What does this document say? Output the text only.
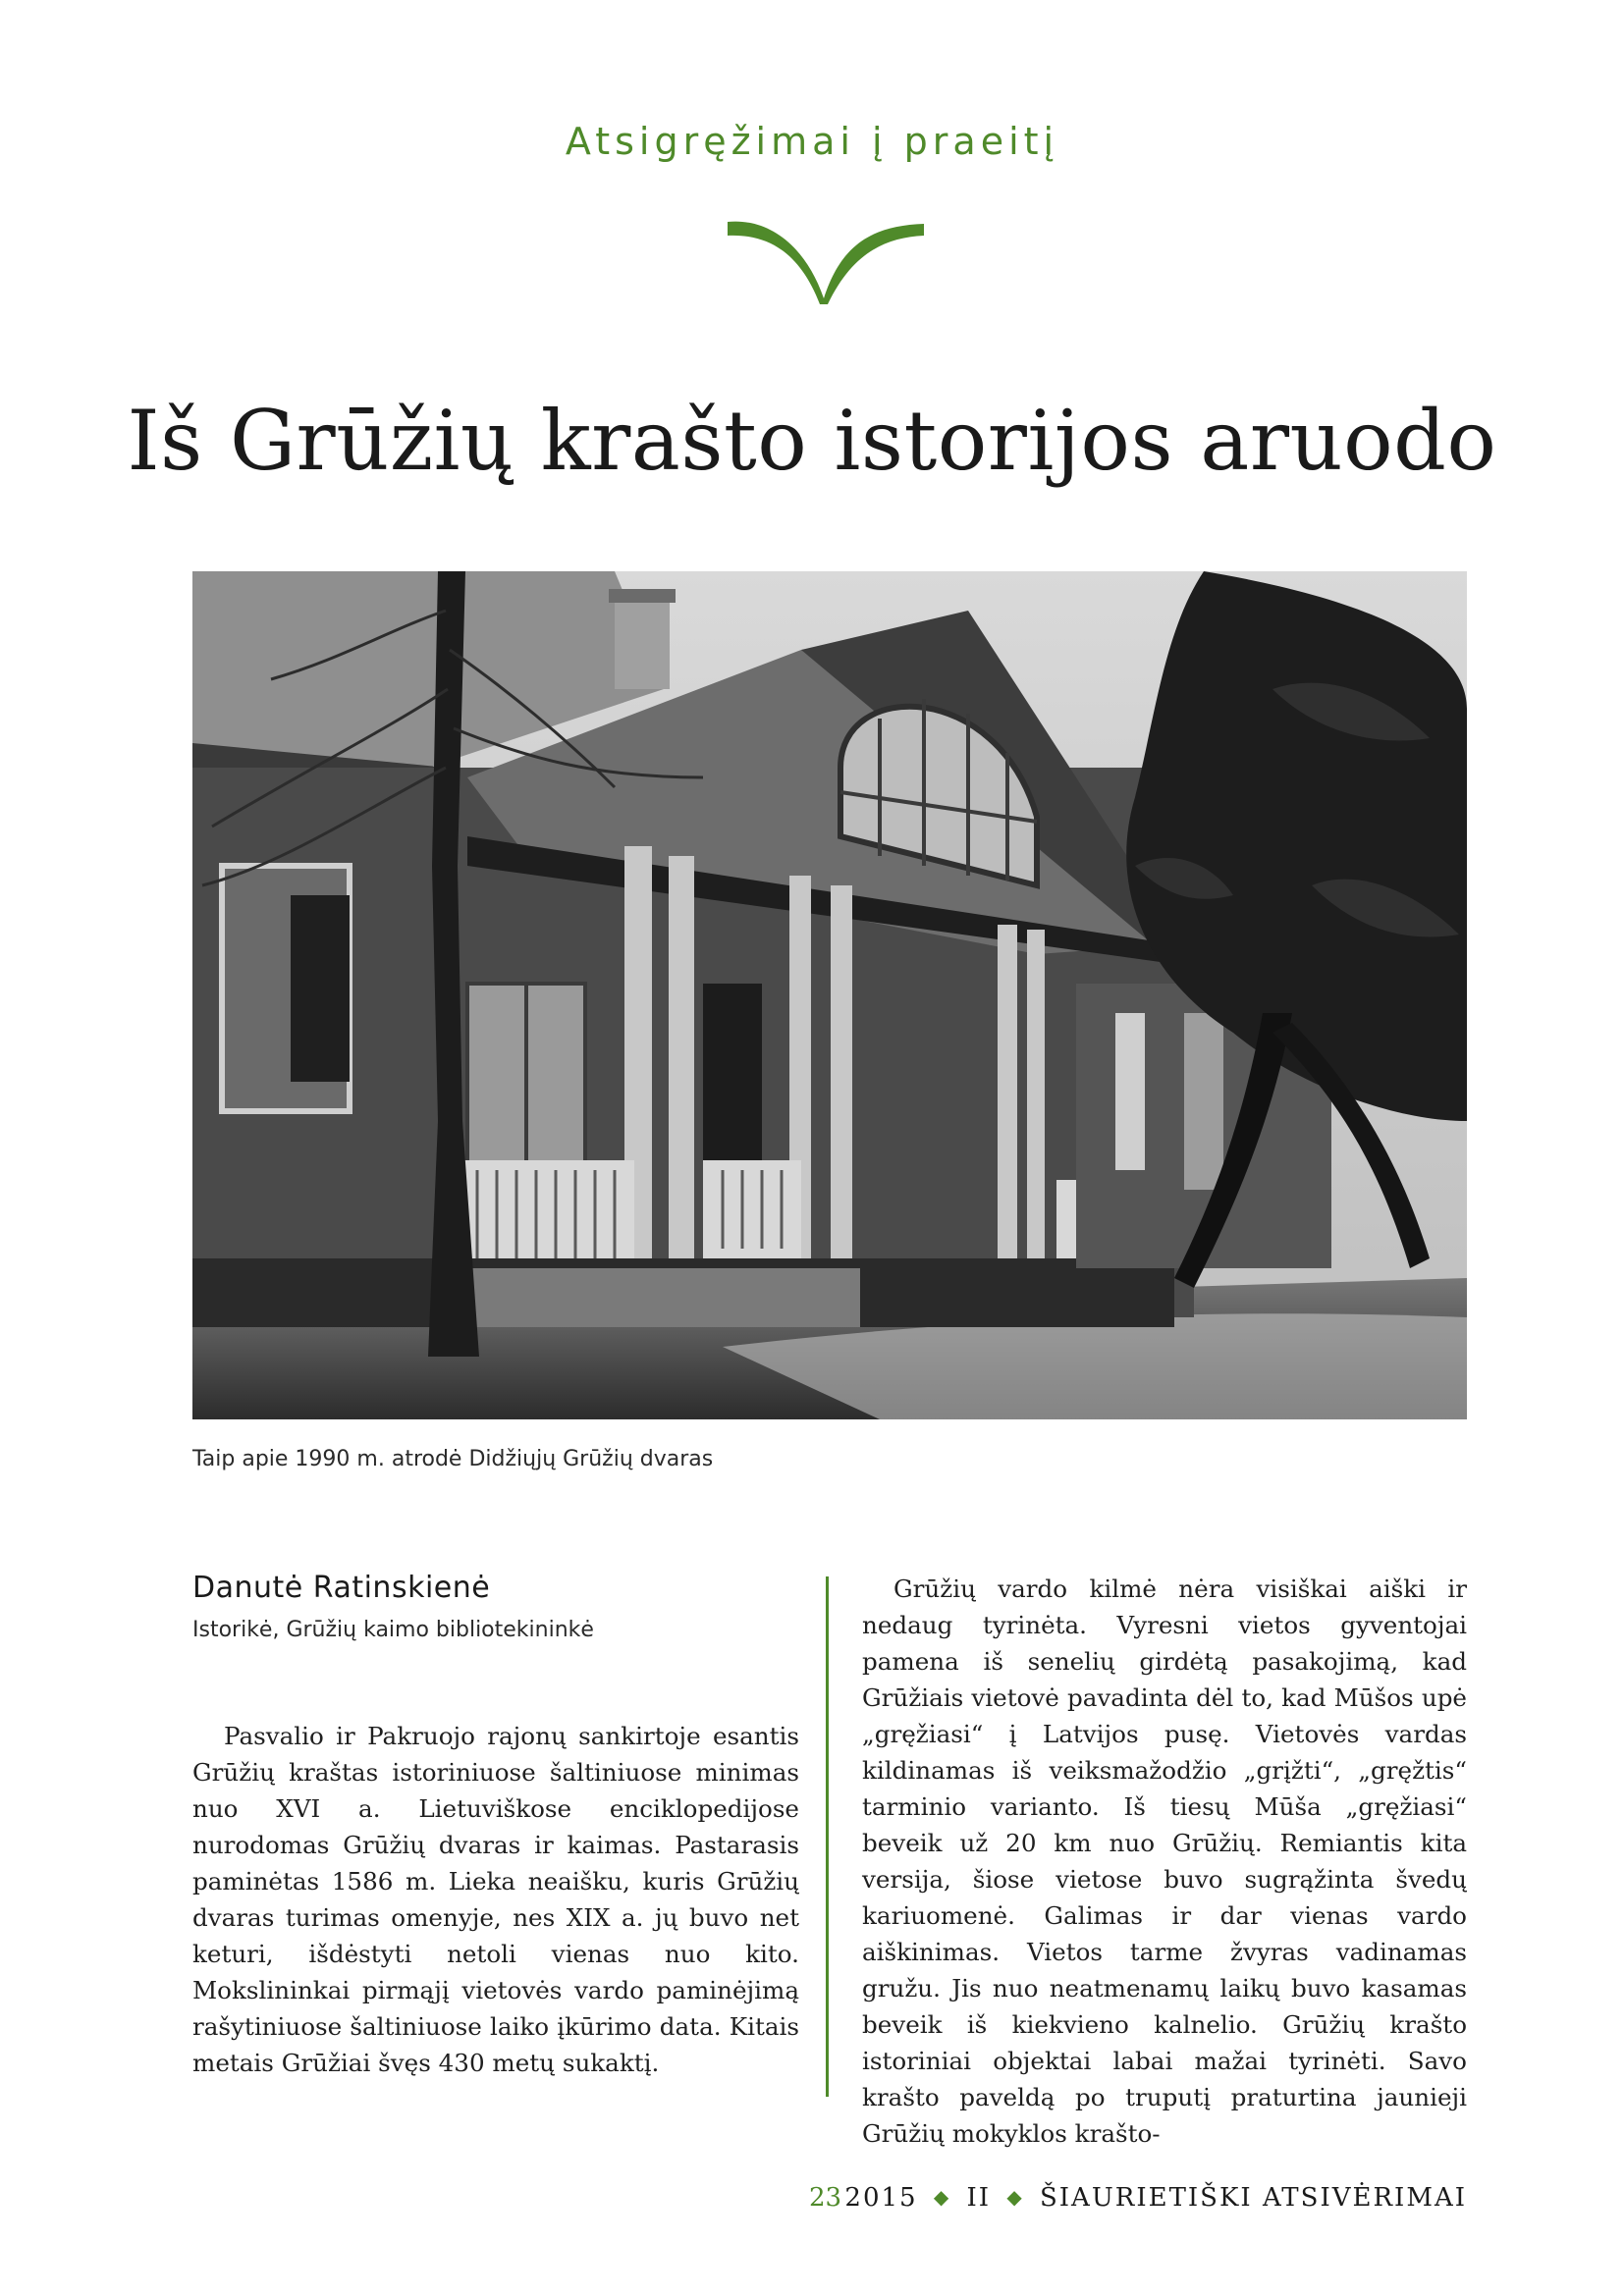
Atsigręžimai į praeitį
Iš Grūžių krašto istorijos aruodo
Taip apie 1990 m. atrodė Didžiųjų Grūžių dvaras
Danutė Ratinskienė
Istorikė, Grūžių kaimo bibliotekininkė

Pasvalio ir Pakruojo rajonų sankirtoje esantis Grūžių kraštas istoriniuose šaltiniuose minimas nuo XVI a. Lietuviškose enciklopedijose nurodomas Grūžių dvaras ir kaimas. Pastarasis paminėtas 1586 m. Lieka neaišku, kuris Grūžių dvaras turimas omenyje, nes XIX a. jų buvo net keturi, išdėstyti netoli vienas nuo kito. Mokslininkai pirmąjį vietovės vardo paminėjimą rašytiniuose šaltiniuose laiko įkūrimo data. Kitais metais Grūžiai švęs 430 metų sukaktį.

Grūžių vardo kilmė nėra visiškai aiški ir nedaug tyrinėta. Vyresni vietos gyventojai pamena iš senelių girdėtą pasakojimą, kad Grūžiais vietovė pavadinta dėl to, kad Mūšos upė „gręžiasi“ į Latvijos pusę. Vietovės vardas kildinamas iš veiksmažodžio „grįžti“, „gręžtis“ tarminio varianto. Iš tiesų Mūša „gręžiasi“ beveik už 20 km nuo Grūžių. Remiantis kita versija, šiose vietose buvo sugrąžinta švedų kariuomenė. Galimas ir dar vienas vardo aiškinimas. Vietos tarme žvyras vadinamas gružu. Jis nuo neatmenamų laikų buvo kasamas beveik iš kiekvieno kalnelio. Grūžių krašto istoriniai objektai labai mažai tyrinėti. Savo krašto paveldą po truputį praturtina jaunieji Grūžių mokyklos krašto-

23 2015 ◆ II ◆ ŠIAURIETIŠKI ATSIVĖRIMAI
